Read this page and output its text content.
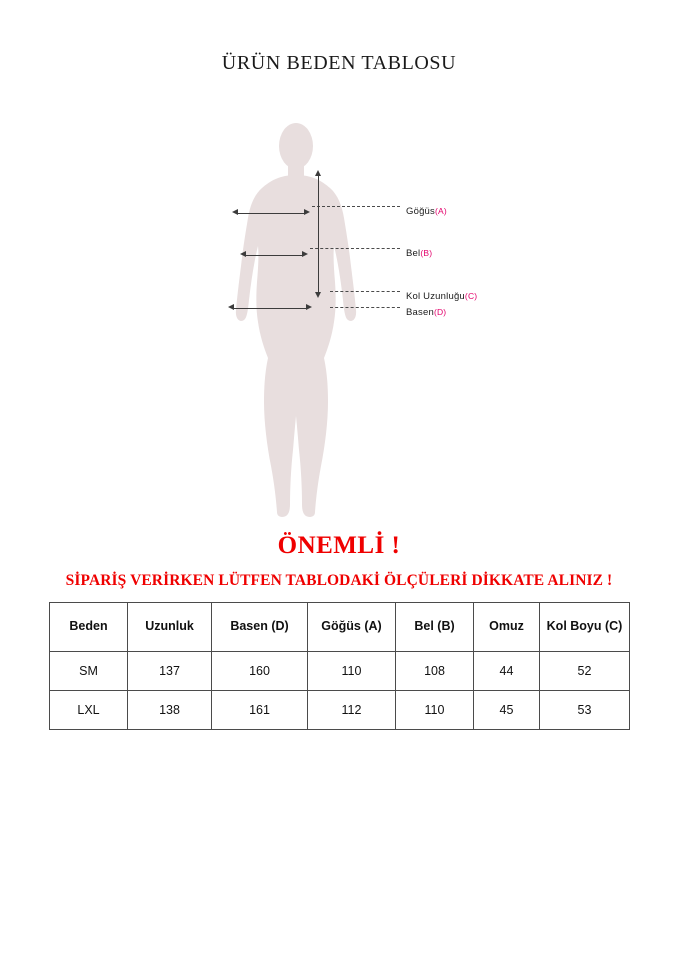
ÜRÜN BEDEN TABLOSU
Göğüs(A)
Bel(B)
Kol Uzunluğu(C)
Basen(D)
ÖNEMLİ !
SİPARİŞ VERİRKEN LÜTFEN TABLODAKİ ÖLÇÜLERİ DİKKATE ALINIZ !
Beden	Uzunluk	Basen (D)	Göğüs (A)	Bel (B)	Omuz	Kol Boyu (C)
SM	137	160	110	108	44	52
LXL	138	161	112	110	45	53
